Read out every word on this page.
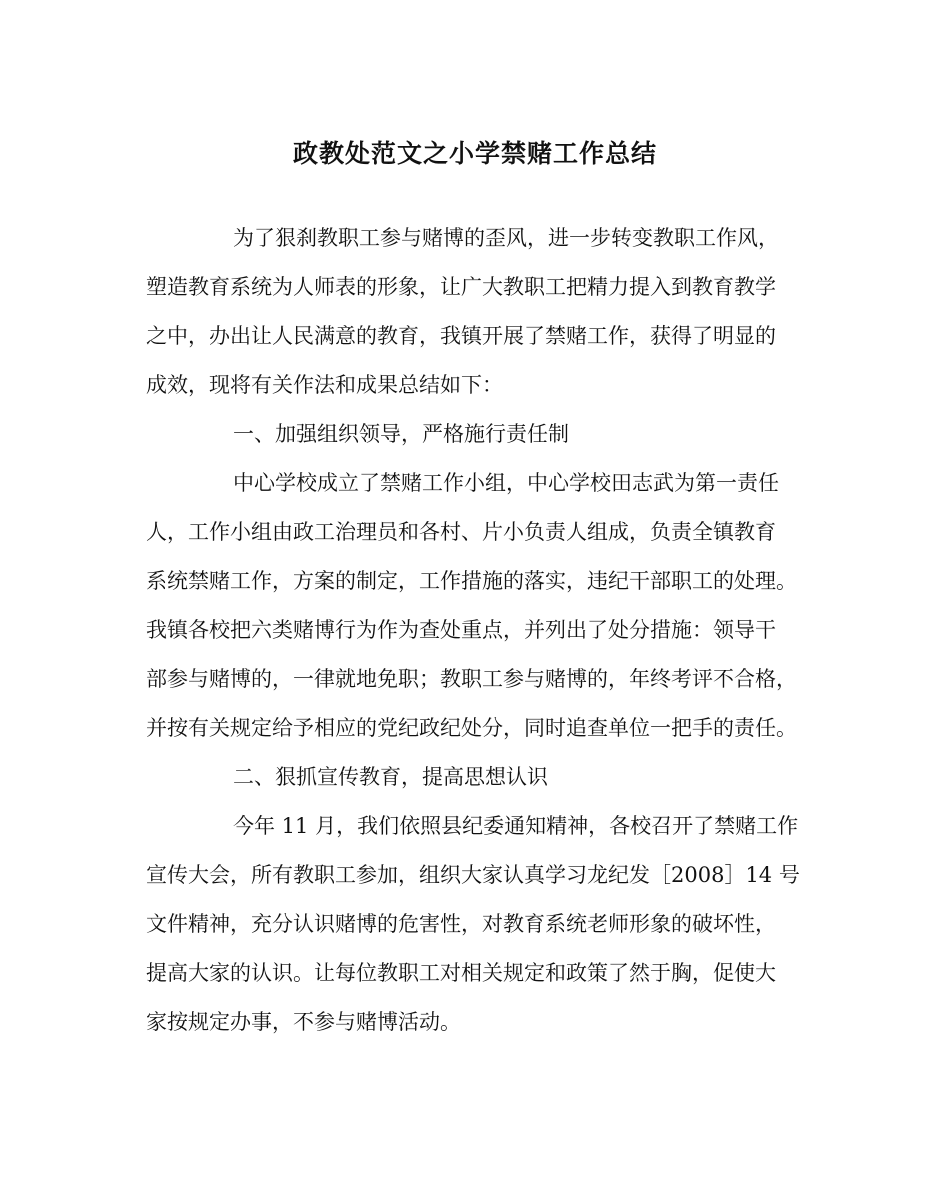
政教处范文之小学禁赌工作总结
为了狠刹教职工参与赌博的歪风，进一步转变教职工作风，
塑造教育系统为人师表的形象，让广大教职工把精力提入到教育教学
之中，办出让人民满意的教育，我镇开展了禁赌工作，获得了明显的
成效，现将有关作法和成果总结如下：
一、加强组织领导，严格施行责任制
中心学校成立了禁赌工作小组，中心学校田志武为第一责任
人，工作小组由政工治理员和各村、片小负责人组成，负责全镇教育
系统禁赌工作，方案的制定，工作措施的落实，违纪干部职工的处理。
我镇各校把六类赌博行为作为查处重点，并列出了处分措施：领导干
部参与赌博的，一律就地免职；教职工参与赌博的，年终考评不合格，
并按有关规定给予相应的党纪政纪处分，同时追查单位一把手的责任。
二、狠抓宣传教育，提高思想认识
今年 11 月，我们依照县纪委通知精神，各校召开了禁赌工作
宣传大会，所有教职工参加，组织大家认真学习龙纪发［2008］14 号
文件精神，充分认识赌博的危害性，对教育系统老师形象的破坏性，
提高大家的认识。让每位教职工对相关规定和政策了然于胸，促使大
家按规定办事，不参与赌博活动。
